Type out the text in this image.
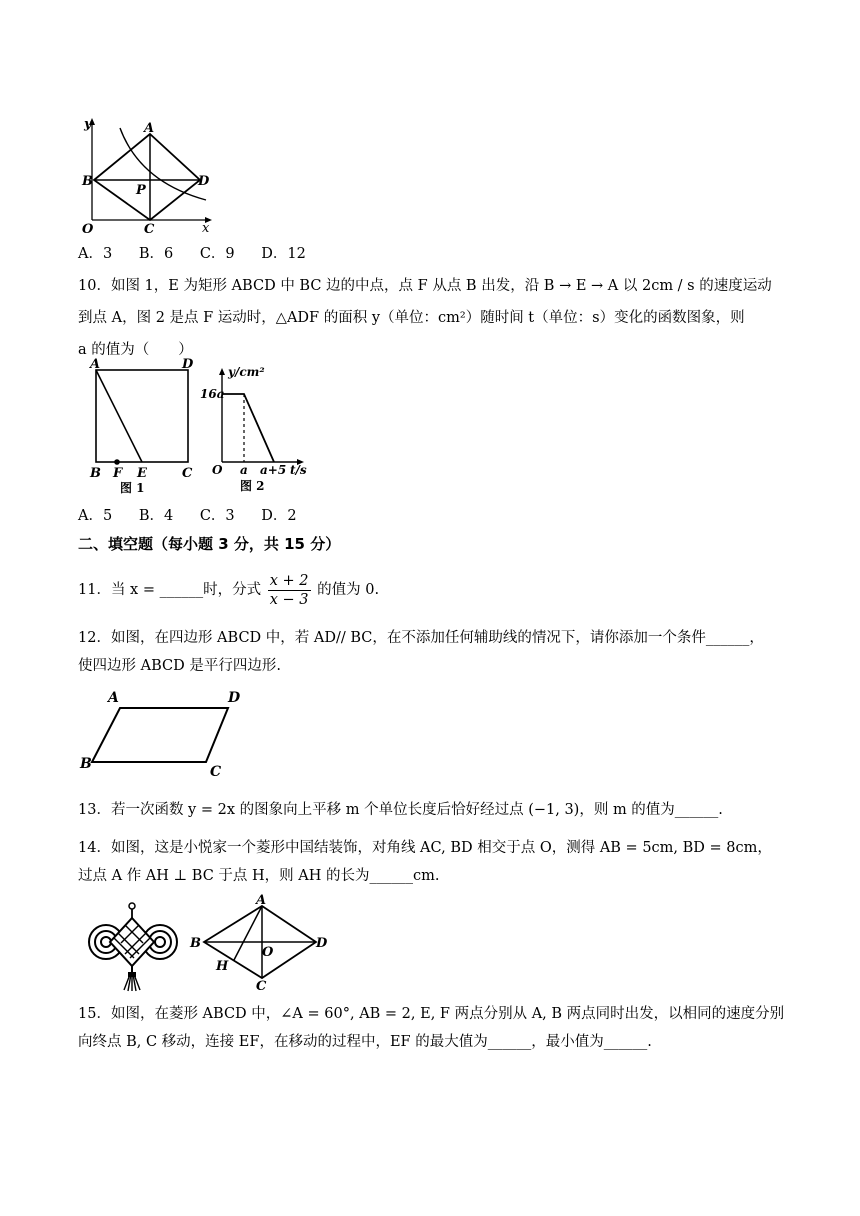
y
x
A
B	D
P
C
O
A．3 B．6 C．9 D．12
10．如图 1，E 为矩形 ABCD 中 BC 边的中点，点 F 从点 B 出发，沿 B → E → A 以 2cm / s 的速度运动
到点 A，图 2 是点 F 运动时，△ADF 的面积 y（单位：cm²）随时间 t（单位：s）变化的函数图象，则
a 的值为（　　）
A	D
B F E	C
图 1
y/cm²
16a
O a a+5 t/s
图 2
A．5 B．4 C．3 D．2
二、填空题（每小题 3 分，共 15 分）
11．当 x = ______时，分式 $\frac{x + 2}{x - 3}$ 的值为 0.
12．如图，在四边形 ABCD 中，若 AD// BC，在不添加任何辅助线的情况下，请你添加一个条件______，
使四边形 ABCD 是平行四边形.
A	D
B	C
13．若一次函数 y = 2x 的图象向上平移 m 个单位长度后恰好经过点 (−1, 3)，则 m 的值为______.
14．如图，这是小悦家一个菱形中国结装饰，对角线 AC, BD 相交于点 O，测得 AB = 5cm, BD = 8cm，
过点 A 作 AH ⊥ BC 于点 H，则 AH 的长为______cm.
A
B	D
O
H
C
15．如图，在菱形 ABCD 中，∠A = 60°, AB = 2, E, F 两点分别从 A, B 两点同时出发，以相同的速度分别
向终点 B, C 移动，连接 EF，在移动的过程中，EF 的最大值为______，最小值为______.
